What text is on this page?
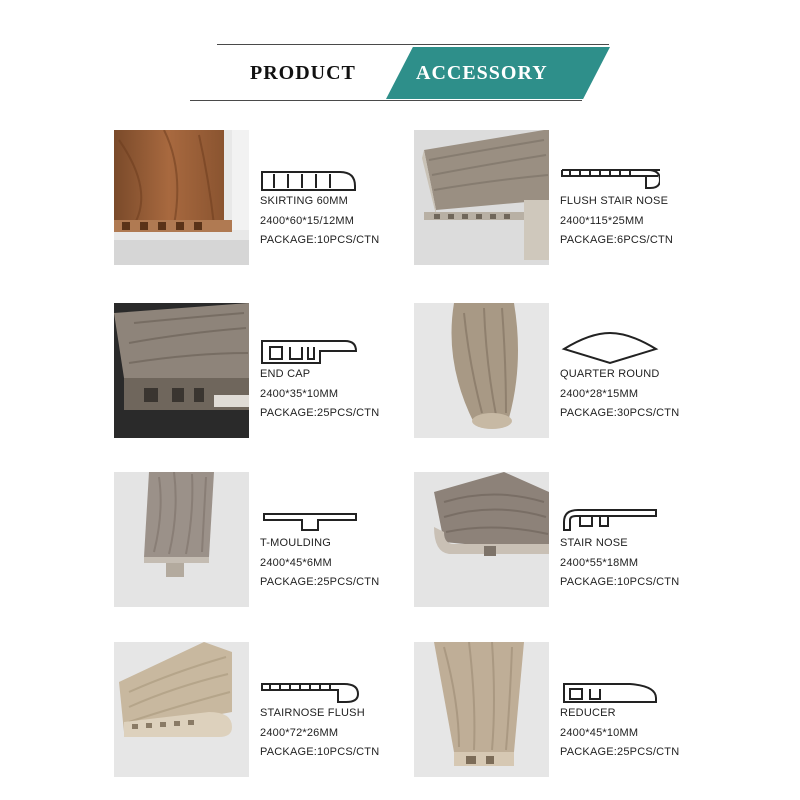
PRODUCT	ACCESSORY
SKIRTING 60MM
2400*60*15/12MM
PACKAGE:10PCS/CTN
FLUSH STAIR NOSE
2400*115*25MM
PACKAGE:6PCS/CTN
END CAP
2400*35*10MM
PACKAGE:25PCS/CTN
QUARTER ROUND
2400*28*15MM
PACKAGE:30PCS/CTN
T-MOULDING
2400*45*6MM
PACKAGE:25PCS/CTN
STAIR NOSE
2400*55*18MM
PACKAGE:10PCS/CTN
STAIRNOSE FLUSH
2400*72*26MM
PACKAGE:10PCS/CTN
REDUCER
2400*45*10MM
PACKAGE:25PCS/CTN
